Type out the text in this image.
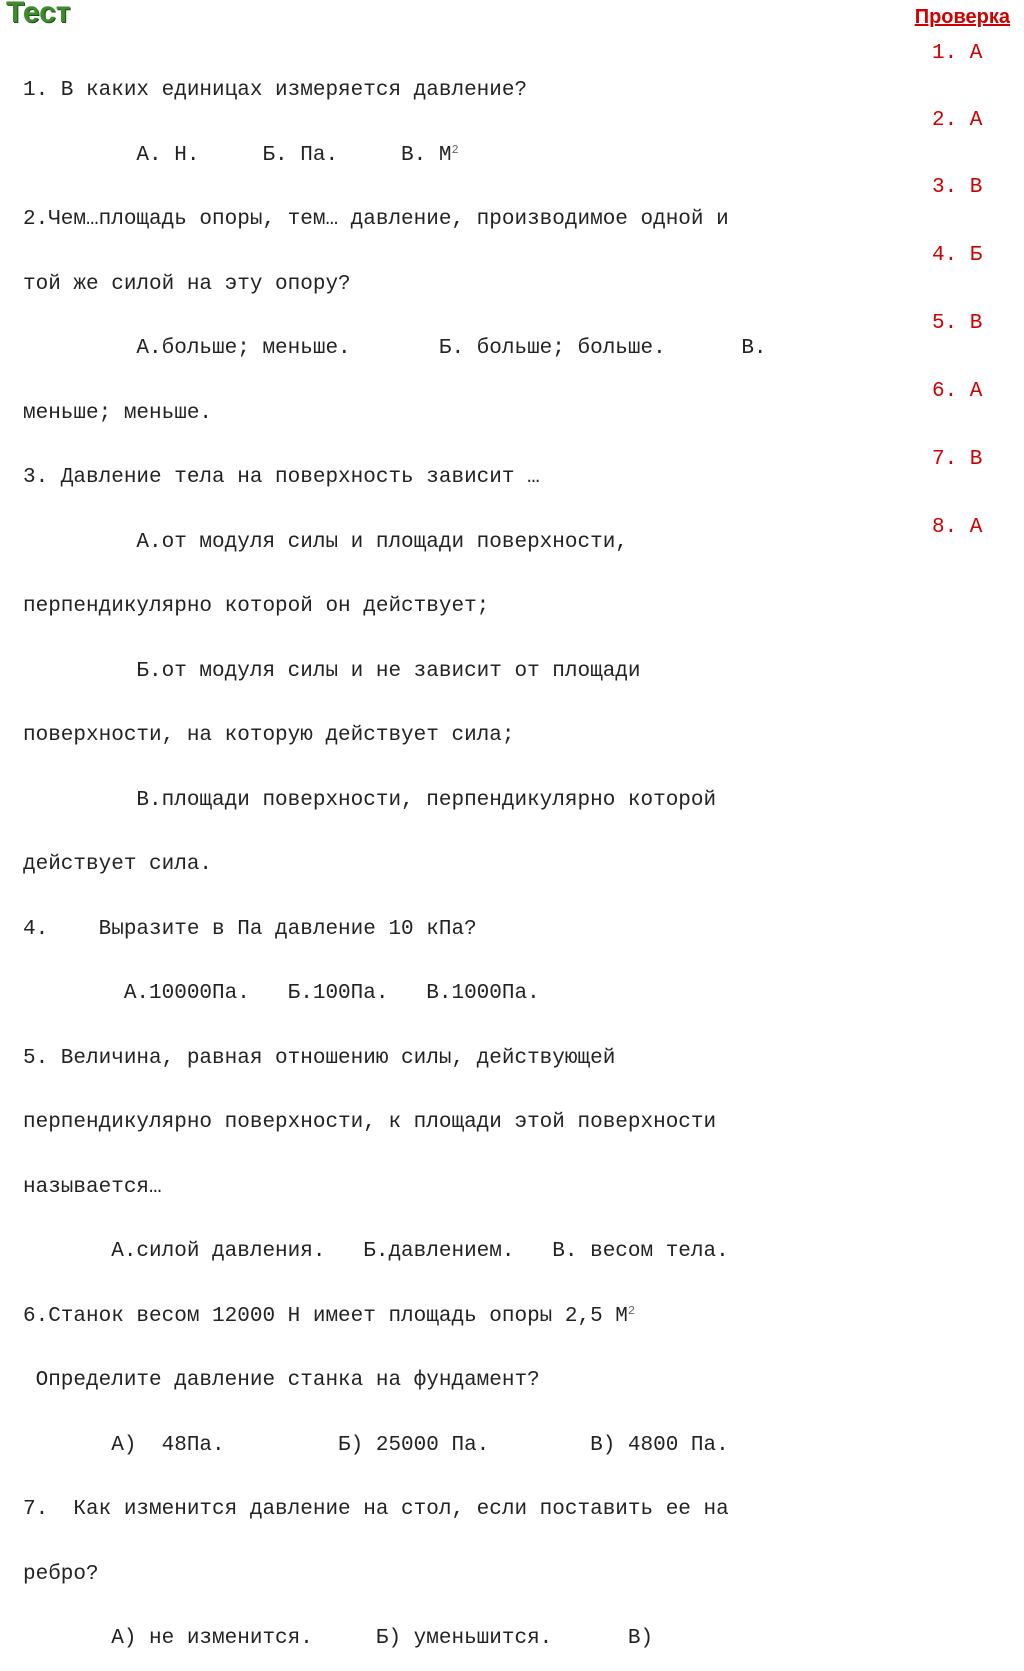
Тест	Проверка

1. В каких единицах измеряется давление?

А. Н.     Б. Па.     В. $М^2$

2.Чем…площадь опоры, тем… давление, производимое одной и

той же силой на эту опору?

А.больше; меньше.       Б. больше; больше.      В.

меньше; меньше.

3. Давление тела на поверхность зависит …

А.от модуля силы и площади поверхности,

перпендикулярно которой он действует;

Б.от модуля силы и не зависит от площади

поверхности, на которую действует сила;

В.площади поверхности, перпендикулярно которой

действует сила.

4.    Выразите в Па давление 10 кПа?

А.10000Па.   Б.100Па.   В.1000Па.

5. Величина, равная отношению силы, действующей

перпендикулярно поверхности, к площади этой поверхности

называется…

А.силой давления.   Б.давлением.   В. весом тела.

6.Станок весом 12000 Н имеет площадь опоры 2,5 $М^2$

Определите давление станка на фундамент?

А)  48Па.         Б) 25000 Па.        В) 4800 Па.

7.  Как изменится давление на стол, если поставить ее на

ребро?

А) не изменится.     Б) уменьшится.      В)

1. А
2. А
3. В
4. Б
5. В
6. А
7. В
8. А
